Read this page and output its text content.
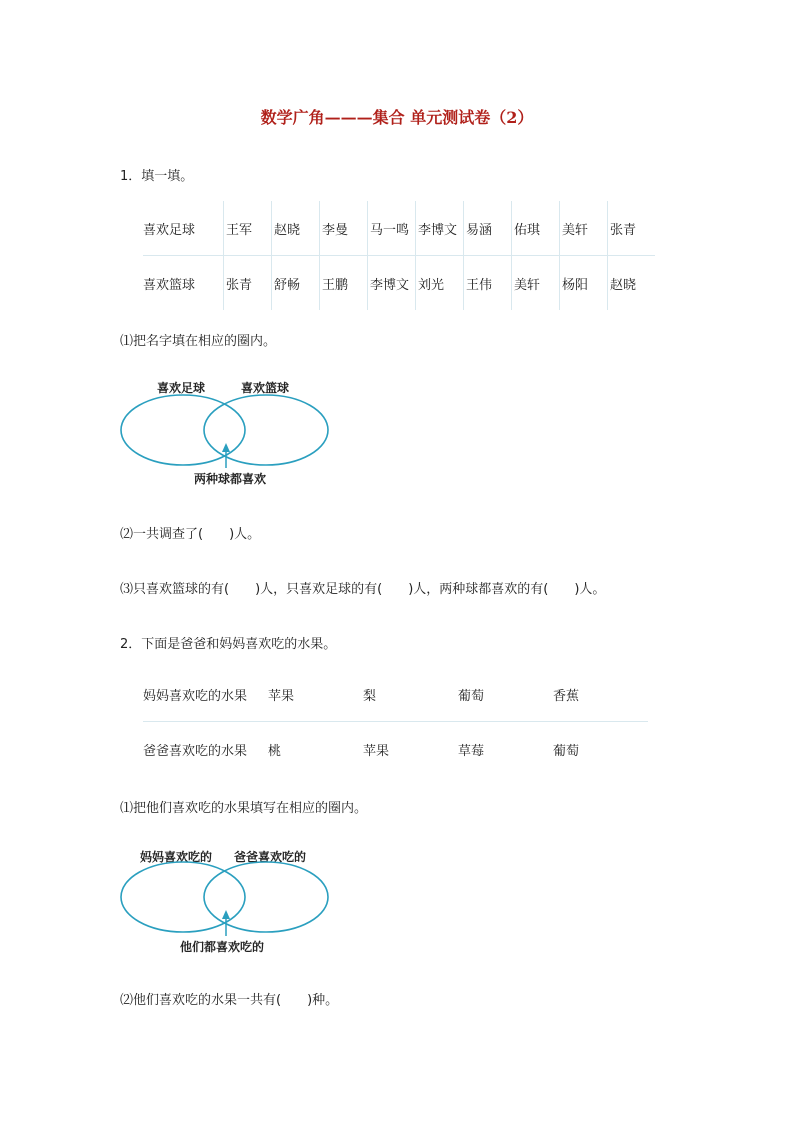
数学广角———集合 单元测试卷（2）
1．填一填。
喜欢足球	王军	赵晓	李曼	马一鸣	李博文	易涵	佑琪	美轩	张青
喜欢篮球	张青	舒畅	王鹏	李博文	刘光	王伟	美轩	杨阳	赵晓
⑴把名字填在相应的圈内。
喜欢足球	喜欢篮球
两种球都喜欢
⑵一共调查了(　　)人。
⑶只喜欢篮球的有(　　)人，只喜欢足球的有(　　)人，两种球都喜欢的有(　　)人。
2．下面是爸爸和妈妈喜欢吃的水果。
妈妈喜欢吃的水果	苹果	梨	葡萄	香蕉
爸爸喜欢吃的水果	桃	苹果	草莓	葡萄
⑴把他们喜欢吃的水果填写在相应的圈内。
妈妈喜欢吃的 爸爸喜欢吃的
他们都喜欢吃的
⑵他们喜欢吃的水果一共有(　　)种。
